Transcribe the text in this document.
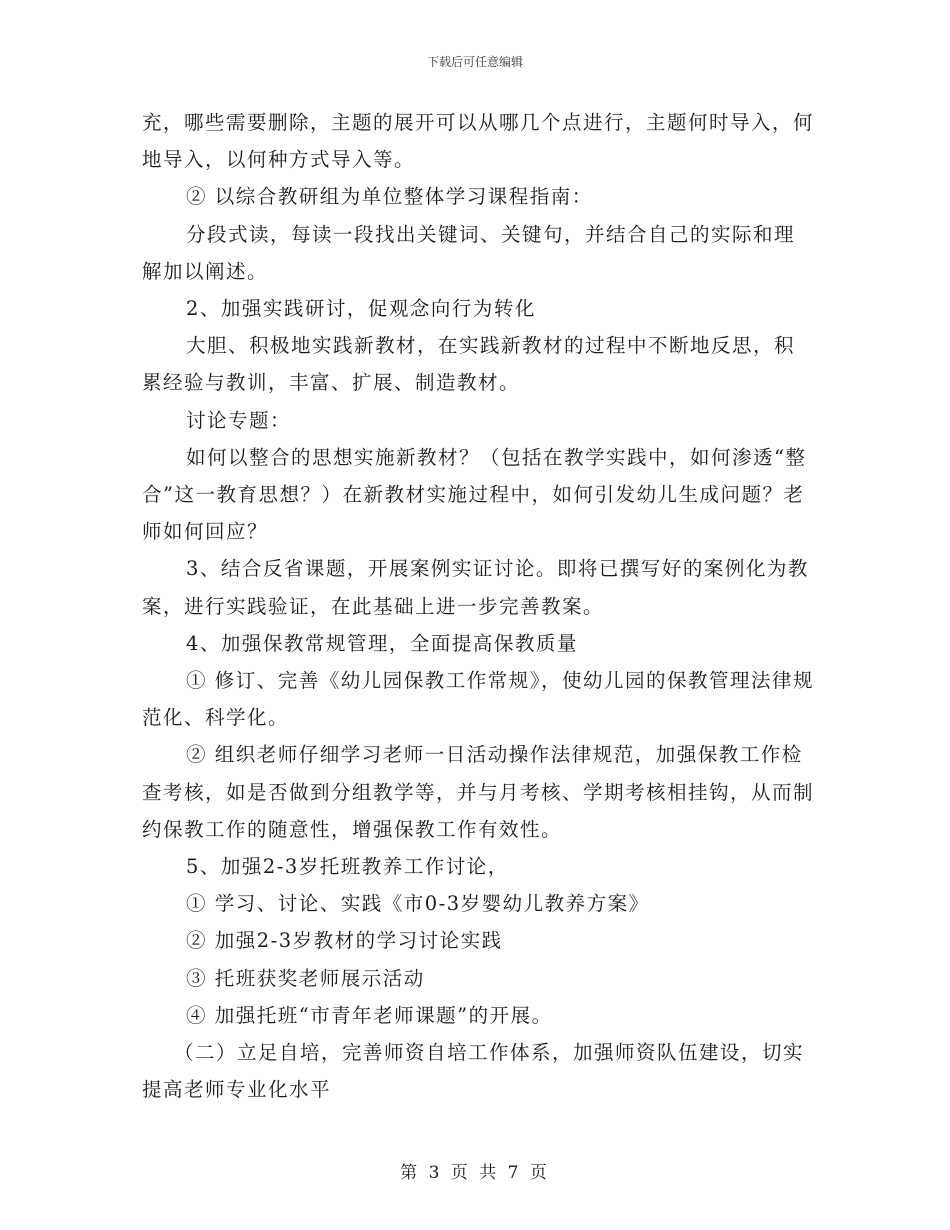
下载后可任意编辑

充，哪些需要删除，主题的展开可以从哪几个点进行，主题何时导入，何地导入，以何种方式导入等。

② 以综合教研组为单位整体学习课程指南：

分段式读，每读一段找出关键词、关键句，并结合自己的实际和理解加以阐述。

2、加强实践研讨，促观念向行为转化

大胆、积极地实践新教材，在实践新教材的过程中不断地反思，积累经验与教训，丰富、扩展、制造教材。

讨论专题：

如何以整合的思想实施新教材？（包括在教学实践中，如何渗透“整合”这一教育思想？）在新教材实施过程中，如何引发幼儿生成问题？老师如何回应？

3、结合反省课题，开展案例实证讨论。即将已撰写好的案例化为教案，进行实践验证，在此基础上进一步完善教案。

4、加强保教常规管理，全面提高保教质量

① 修订、完善《幼儿园保教工作常规》，使幼儿园的保教管理法律规范化、科学化。

② 组织老师仔细学习老师一日活动操作法律规范，加强保教工作检查考核，如是否做到分组教学等，并与月考核、学期考核相挂钩，从而制约保教工作的随意性，增强保教工作有效性。

5、加强2-3岁托班教养工作讨论，

① 学习、讨论、实践《市0-3岁婴幼儿教养方案》

② 加强2-3岁教材的学习讨论实践

③ 托班获奖老师展示活动

④ 加强托班“市青年老师课题”的开展。

（二）立足自培，完善师资自培工作体系，加强师资队伍建设，切实提高老师专业化水平

第 3 页 共 7 页
